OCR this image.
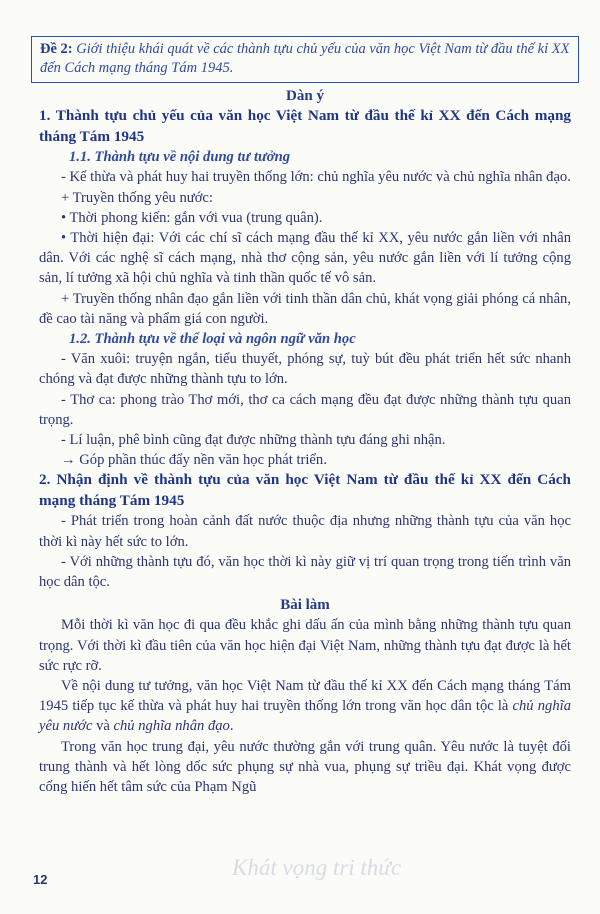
Đề 2: Giới thiệu khái quát về các thành tựu chủ yếu của văn học Việt Nam từ đầu thế kỉ XX đến Cách mạng tháng Tám 1945.

Dàn ý

1. Thành tựu chủ yếu của văn học Việt Nam từ đầu thế kỉ XX đến Cách mạng tháng Tám 1945

1.1. Thành tựu về nội dung tư tưởng

- Kế thừa và phát huy hai truyền thống lớn: chủ nghĩa yêu nước và chủ nghĩa nhân đạo.

+ Truyền thống yêu nước:

• Thời phong kiến: gắn với vua (trung quân).

• Thời hiện đại: Với các chí sĩ cách mạng đầu thế kỉ XX, yêu nước gắn liền với nhân dân. Với các nghệ sĩ cách mạng, nhà thơ cộng sản, yêu nước gắn liền với lí tưởng cộng sản, lí tưởng xã hội chủ nghĩa và tinh thần quốc tế vô sản.

+ Truyền thống nhân đạo gắn liền với tinh thần dân chủ, khát vọng giải phóng cá nhân, đề cao tài năng và phẩm giá con người.

1.2. Thành tựu về thể loại và ngôn ngữ văn học

- Văn xuôi: truyện ngắn, tiểu thuyết, phóng sự, tuỳ bút đều phát triển hết sức nhanh chóng và đạt được những thành tựu to lớn.

- Thơ ca: phong trào Thơ mới, thơ ca cách mạng đều đạt được những thành tựu quan trọng.

- Lí luận, phê bình cũng đạt được những thành tựu đáng ghi nhận.

→ Góp phần thúc đẩy nền văn học phát triển.

2. Nhận định về thành tựu của văn học Việt Nam từ đầu thế kỉ XX đến Cách mạng tháng Tám 1945

- Phát triển trong hoàn cảnh đất nước thuộc địa nhưng những thành tựu của văn học thời kì này hết sức to lớn.

- Với những thành tựu đó, văn học thời kì này giữ vị trí quan trọng trong tiến trình văn học dân tộc.

Bài làm

Mỗi thời kì văn học đi qua đều khắc ghi dấu ấn của mình bằng những thành tựu quan trọng. Với thời kì đầu tiên của văn học hiện đại Việt Nam, những thành tựu đạt được là hết sức rực rỡ.

Về nội dung tư tưởng, văn học Việt Nam từ đầu thế kỉ XX đến Cách mạng tháng Tám 1945 tiếp tục kế thừa và phát huy hai truyền thống lớn trong văn học dân tộc là chủ nghĩa yêu nước và chủ nghĩa nhân đạo.

Trong văn học trung đại, yêu nước thường gắn với trung quân. Yêu nước là tuyệt đối trung thành và hết lòng dốc sức phụng sự nhà vua, phụng sự triều đại. Khát vọng được cống hiến hết tâm sức của Phạm Ngũ

Khát vọng tri thức
12
